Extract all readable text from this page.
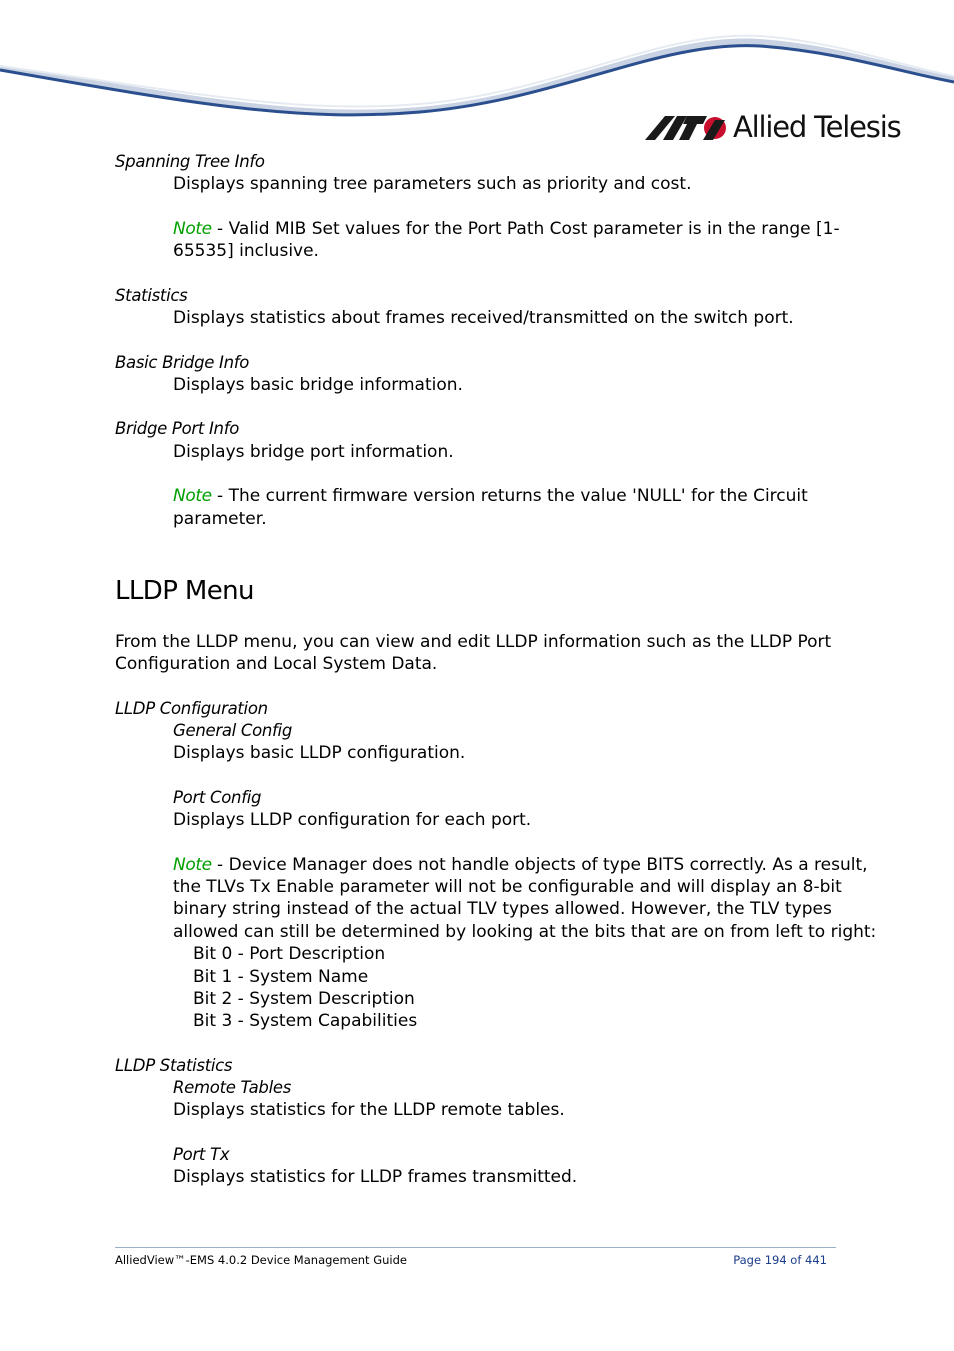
Allied Telesis
Spanning Tree Info
Displays spanning tree parameters such as priority and cost.
Note - Valid MIB Set values for the Port Path Cost parameter is in the range [1-
65535] inclusive.
Statistics
Displays statistics about frames received/transmitted on the switch port.
Basic Bridge Info
Displays basic bridge information.
Bridge Port Info
Displays bridge port information.
Note - The current firmware version returns the value 'NULL' for the Circuit
parameter.
LLDP Menu
From the LLDP menu, you can view and edit LLDP information such as the LLDP Port
Configuration and Local System Data.
LLDP Configuration
General Config
Displays basic LLDP configuration.
Port Config
Displays LLDP configuration for each port.
Note - Device Manager does not handle objects of type BITS correctly. As a result,
the TLVs Tx Enable parameter will not be configurable and will display an 8-bit
binary string instead of the actual TLV types allowed. However, the TLV types
allowed can still be determined by looking at the bits that are on from left to right:
Bit 0 - Port Description
Bit 1 - System Name
Bit 2 - System Description
Bit 3 - System Capabilities
LLDP Statistics
Remote Tables
Displays statistics for the LLDP remote tables.
Port Tx
Displays statistics for LLDP frames transmitted.
AlliedView™-EMS 4.0.2 Device Management Guide	Page 194 of 441
